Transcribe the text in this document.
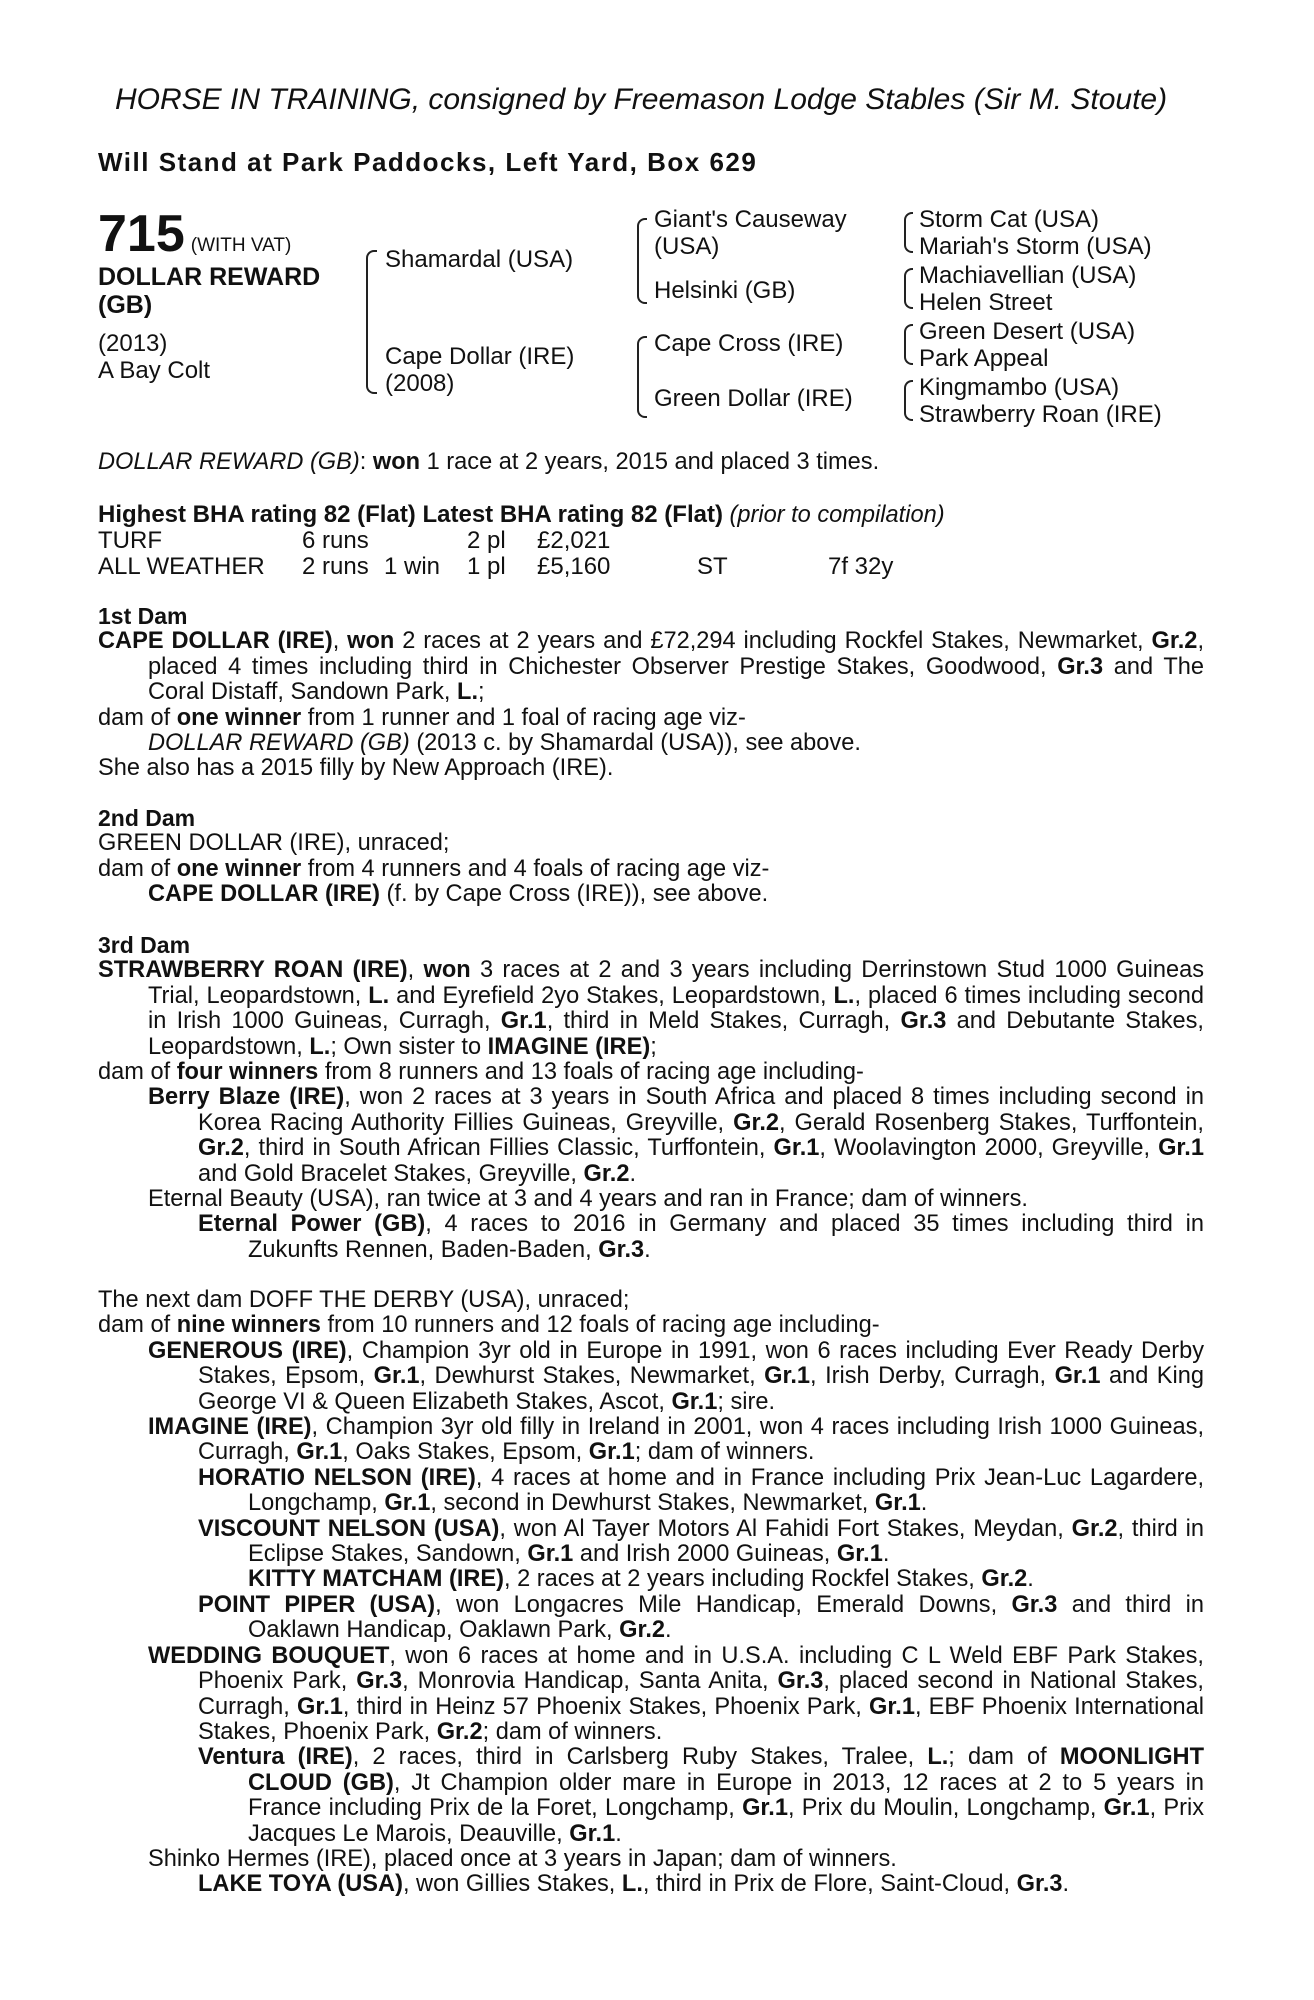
HORSE IN TRAINING, consigned by Freemason Lodge Stables (Sir M. Stoute)
Will Stand at Park Paddocks, Left Yard, Box 629
715 (WITH VAT)
DOLLAR REWARD
(GB)
(2013)
A Bay Colt
Shamardal (USA)
Cape Dollar (IRE)
(2008)
Giant's Causeway
(USA)
Helsinki (GB)
Cape Cross (IRE)
Green Dollar (IRE)
Storm Cat (USA)
Mariah's Storm (USA)
Machiavellian (USA)
Helen Street
Green Desert (USA)
Park Appeal
Kingmambo (USA)
Strawberry Roan (IRE)

DOLLAR REWARD (GB): won 1 race at 2 years, 2015 and placed 3 times.

Highest BHA rating 82 (Flat) Latest BHA rating 82 (Flat) (prior to compilation)

TURF	6 runs		2 pl	£2,021		
ALL WEATHER	2 runs	1 win	1 pl	£5,160	ST	7f 32y

1st Dam

CAPE DOLLAR (IRE), won 2 races at 2 years and £72,294 including Rockfel Stakes, Newmarket, Gr.2, placed 4 times including third in Chichester Observer Prestige Stakes, Goodwood, Gr.3 and The Coral Distaff, Sandown Park, L.;

dam of one winner from 1 runner and 1 foal of racing age viz-

DOLLAR REWARD (GB) (2013 c. by Shamardal (USA)), see above.

She also has a 2015 filly by New Approach (IRE).

2nd Dam

GREEN DOLLAR (IRE), unraced;

dam of one winner from 4 runners and 4 foals of racing age viz-

CAPE DOLLAR (IRE) (f. by Cape Cross (IRE)), see above.

3rd Dam

STRAWBERRY ROAN (IRE), won 3 races at 2 and 3 years including Derrinstown Stud 1000 Guineas Trial, Leopardstown, L. and Eyrefield 2yo Stakes, Leopardstown, L., placed 6 times including second in Irish 1000 Guineas, Curragh, Gr.1, third in Meld Stakes, Curragh, Gr.3 and Debutante Stakes, Leopardstown, L.; Own sister to IMAGINE (IRE);

dam of four winners from 8 runners and 13 foals of racing age including-

Berry Blaze (IRE), won 2 races at 3 years in South Africa and placed 8 times including second in Korea Racing Authority Fillies Guineas, Greyville, Gr.2, Gerald Rosenberg Stakes, Turffontein, Gr.2, third in South African Fillies Classic, Turffontein, Gr.1, Woolavington 2000, Greyville, Gr.1 and Gold Bracelet Stakes, Greyville, Gr.2.

Eternal Beauty (USA), ran twice at 3 and 4 years and ran in France; dam of winners.

Eternal Power (GB), 4 races to 2016 in Germany and placed 35 times including third in Zukunfts Rennen, Baden-Baden, Gr.3.

The next dam DOFF THE DERBY (USA), unraced;

dam of nine winners from 10 runners and 12 foals of racing age including-

GENEROUS (IRE), Champion 3yr old in Europe in 1991, won 6 races including Ever Ready Derby Stakes, Epsom, Gr.1, Dewhurst Stakes, Newmarket, Gr.1, Irish Derby, Curragh, Gr.1 and King George VI & Queen Elizabeth Stakes, Ascot, Gr.1; sire.

IMAGINE (IRE), Champion 3yr old filly in Ireland in 2001, won 4 races including Irish 1000 Guineas, Curragh, Gr.1, Oaks Stakes, Epsom, Gr.1; dam of winners.

HORATIO NELSON (IRE), 4 races at home and in France including Prix Jean-Luc Lagardere, Longchamp, Gr.1, second in Dewhurst Stakes, Newmarket, Gr.1.

VISCOUNT NELSON (USA), won Al Tayer Motors Al Fahidi Fort Stakes, Meydan, Gr.2, third in Eclipse Stakes, Sandown, Gr.1 and Irish 2000 Guineas, Gr.1.

KITTY MATCHAM (IRE), 2 races at 2 years including Rockfel Stakes, Gr.2.

POINT PIPER (USA), won Longacres Mile Handicap, Emerald Downs, Gr.3 and third in Oaklawn Handicap, Oaklawn Park, Gr.2.

WEDDING BOUQUET, won 6 races at home and in U.S.A. including C L Weld EBF Park Stakes, Phoenix Park, Gr.3, Monrovia Handicap, Santa Anita, Gr.3, placed second in National Stakes, Curragh, Gr.1, third in Heinz 57 Phoenix Stakes, Phoenix Park, Gr.1, EBF Phoenix International Stakes, Phoenix Park, Gr.2; dam of winners.

Ventura (IRE), 2 races, third in Carlsberg Ruby Stakes, Tralee, L.; dam of MOONLIGHT CLOUD (GB), Jt Champion older mare in Europe in 2013, 12 races at 2 to 5 years in France including Prix de la Foret, Longchamp, Gr.1, Prix du Moulin, Longchamp, Gr.1, Prix Jacques Le Marois, Deauville, Gr.1.

Shinko Hermes (IRE), placed once at 3 years in Japan; dam of winners.

LAKE TOYA (USA), won Gillies Stakes, L., third in Prix de Flore, Saint-Cloud, Gr.3.
